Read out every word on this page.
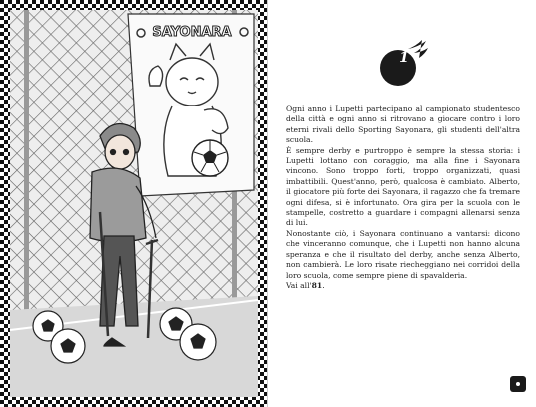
SAYONARA
1

Ogni anno i Lupetti partecipano al campionato studentesco della città e ogni anno si ritrovano a giocare contro i loro eterni rivali dello Sporting Sayonara, gli studenti dell'altra scuola.

È sempre derby e purtroppo è sempre la stessa storia: i Lupetti lottano con coraggio, ma alla fine i Sayonara vincono. Sono troppo forti, troppo organizzati, quasi imbattibili. Quest'anno, però, qualcosa è cambiato. Alberto, il giocatore più forte dei Sayonara, il ragazzo che fa tremare ogni difesa, si è infortunato. Ora gira per la scuola con le stampelle, costretto a guardare i compagni allenarsi senza di lui.

Nonostante ciò, i Sayonara continuano a vantarsi: dicono che vinceranno comunque, che i Lupetti non hanno alcuna speranza e che il risultato del derby, anche senza Alberto, non cambierà. Le loro risate riecheggiano nei corridoi della loro scuola, come sempre piene di spavalderia.

Vai all'81.
